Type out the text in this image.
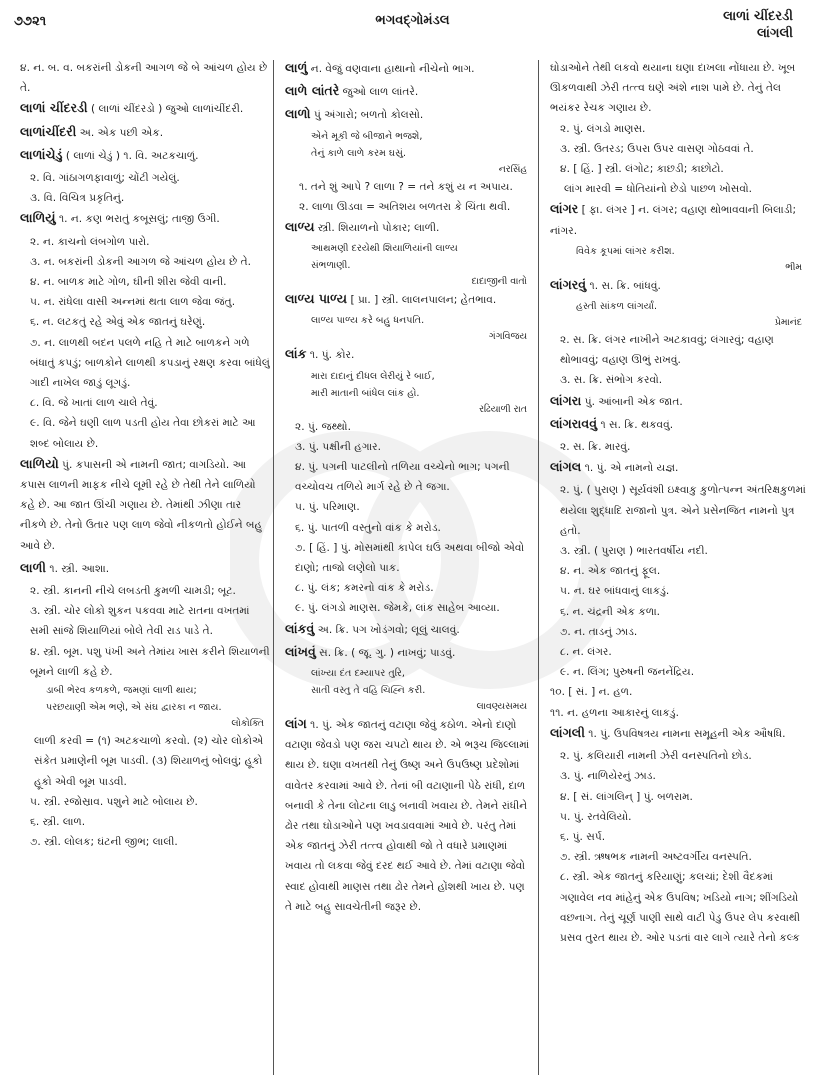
૭૭૨૧	ભગવદ્ગોમંડલ	લાળાં ચીંદરડી
લાંગલી
૪. ન. બ. વ. બકરાંની ડોકની આગળ જે બે આંચળ હોય છે તે.
લાળાં ચીંદરડી ( લાળાં ચીંદરડો ) જુઓ લાળાંચીંદરી.
લાળાંચીંદરી અ. એક પછી એક.
લાળાંચેડું ( લાળાં ચેડું ) ૧. વિ. અટકચાળું.
૨. વિ. ગાંઠાગળફાવાળું; ચોંટી ગયેલું.
૩. વિ. વિચિત્ર પ્રકૃતિનું.
લાળિયું ૧. ન. કણ ભરાતું કબૂસલું; તાજી ઉગી.
૨. ન. કાચનો લંબગોળ પારો.
૩. ન. બકરાંની ડોકની આગળ જે આંચળ હોય છે તે.
૪. ન. બાળક માટે ગોળ, ઘીની શીરા જેવી વાની.
૫. ન. રાંધેલા વાસી અન્નમાં થતા લાળ જેવા જંતુ.
૬. ન. લટકતું રહે એવું એક જાતનું ઘરેણું.
૭. ન. લાળથી બદન પલળે નહિ તે માટે બાળકને ગળે બંધાતું કપડું; બાળકોને લાળથી કપડાનું રક્ષણ કરવા બાંધેલું ગાદી નાખેલ જાડું લૂગડું.
૮. વિ. જે ખાતાં લાળ ચાલે તેવું.
૯. વિ. જેને ઘણી લાળ પડતી હોય તેવા છોકરાં માટે આ શબ્દ બોલાય છે.
લાળિયો પું. કપાસની એ નામની જાત; વાગડિયો. આ કપાસ લાળની માફક નીચે લૂમી રહે છે તેથી તેને લાળિયો કહે છે. આ જાત ઊંચી ગણાય છે. તેમાંથી ઝીણા તાર નીકળે છે. તેનો ઉતાર પણ લાળ જેવો નીકળતો હોઈને બહુ આવે છે.
લાળી ૧. સ્ત્રી. આશા.
૨. સ્ત્રી. કાનની નીચે લબડતી કુમળી ચામડી; બૂટ.
૩. સ્ત્રી. ચોર લોકો શુકન પકવવા માટે રાતના વખતમાં સમી સાંજે શિયાળિયાં બોલે તેવી રાડ પાડે તે.
૪. સ્ત્રી. બૂમ. પશુ પંખી અને તેમાંય ખાસ કરીને શિયાળની બૂમને લાળી કહે છે.
ડાબી ભેરવ કળકળે, જમણાં લાળી થાય;
પરછયાણી એમ ભણે, એ સંઘ દ્વારકા ન જાય.
લોકોક્તિ
લાળી કરવી = (૧) અટકચાળો કરવો. (૨) ચોર લોકોએ સંકેત પ્રમાણેની બૂમ પાડવી. (૩) શિયાળનું બોલવું; હૂકો હૂકો એવી બૂમ પાડવી.
૫. સ્ત્રી. રજોસ્રાવ. પશુને માટે બોલાય છે.
૬. સ્ત્રી. લાળ.
૭. સ્ત્રી. લોલક; ઘંટની જીભ; લાલી.
લાળું ન. વેજું વણવાના હાથાનો નીચેનો ભાગ.
લાળે લાંતરે જુઓ લાળ લાંતરે.
લાળો પું અંગારો; બળતો કોલસો.
એને મૂકી જે બીજાને ભજશે,
તેનું કાળે લાળે કરમ ઘસું.
નરસિંહ
૧. તને શું આપે ? લાળા ? = તને કશું ય ન અપાય.
૨. લાળા ઊડવા = અતિશય બળતરા કે ચિંતા થવી.
લાળ્ય સ્ત્રી. શિયાળનો પોકાર; લાળી.
આથમણી દરયેથી શિયાળિયાંની લાળ્ય
સંભળાણી.
દાદાજીની વાતો
લાળ્ય પાળ્ય [ પ્રા. ] સ્ત્રી. લાલનપાલન; હેતભાવ.
લાળ્ય પાળ્ય કરે બહુ ધનપતિ.
ગંગવિજય
લાંક ૧. પું. કોર.
મારા દાદાનું દીધલ લેરીયું રે બાઈ,
મારી માતાની બાંધેલ લાંક હો.
રઢિયાળી રાત
૨. પું. જથ્થો.
૩. પું. પક્ષીની હગાર.
૪. પું. પગની પાટલીનો તળિયા વચ્ચેનો ભાગ; પગની વચ્ચોવચ તળિયે માર્ગ રહે છે તે જગા.
૫. પું. પરિમાણ.
૬. પું. પાતળી વસ્તુનો વાંક કે મરોડ.
૭. [ હિં. ] પું. મોસમાંથી કાપેલ ઘઉં અથવા બીજો એવો દાણો; તાજો લણેલો પાક.
૮. પું. લંક; કમરનો વાંક કે મરોડ.
૯. પું. લંગડો માણસ. જેમકે, લાંક સાહેબ આવ્યા.
લાંકવું અ. ક્રિ. પગ ખોડંગવો; લૂલું ચાલવું.
લાંખવું સ. ક્રિ. ( જૂ. ગુ. ) નાખવું; પાડવું.
લાંખ્યા દંત દમ્યાપર તુરિ,
સાતી વસ્તુ તે વહિ ચિહ્નિ કરી.
લાવણ્યસમય
લાંગ ૧. પું. એક જાતનું વટાણા જેવું કઠોળ. એનો દાણો વટાણા જેવડો પણ જરા ચપટો થાય છે. એ ભરૂચ જિલ્લામાં થાય છે. ઘણા વખતથી તેનું ઉષ્ણ અને ઉપઉષ્ણ પ્રદેશોમાં વાવેતર કરવામાં આવે છે. તેનાં બી વટાણાની પેઠે રાંધી, દાળ બનાવી કે તેના લોટના લાડુ બનાવી ખવાય છે. તેમને રાંધીને ઢોર તથા ઘોડાઓને પણ ખવડાવવામાં આવે છે. પરંતુ તેમાં એક જાતનું ઝેરી તત્ત્વ હોવાથી જો તે વધારે પ્રમાણમાં ખવાય તો લકવા જેવું દરદ થઈ આવે છે. તેમાં વટાણા જેવો સ્વાદ હોવાથી માણસ તથા ઢોર તેમને હોંશથી ખાય છે. પણ તે માટે બહુ સાવચેતીની જરૂર છે.
ઘોડાઓને તેથી લકવો થયાના ઘણા દાખલા નોંધાયા છે. ખૂબ ઊકળવાથી ઝેરી તત્ત્વ ઘણે અંશે નાશ પામે છે. તેનું તેલ ભયંકર રેચક ગણાય છે.
૨. પું. લંગડો માણસ.
૩. સ્ત્રી. ઉતરડ; ઉપરા ઉપર વાસણ ગોઠવવાં તે.
૪. [ હિં. ] સ્ત્રી. લંગોટ; કાછડી; કાછોટો.
લાંગ મારવી = ધોતિયાંનો છેડો પાછળ ખોસવો.
લાંગર [ ફા. લંગર ] ન. લંગર; વહાણ થોભાવવાની બિલાડી; નાંગર.
વિવેક કૂપમાં લાંગર કરીશ.
ભીમ
લાંગરવું ૧. સ. ક્રિ. બાંધવું.
હસ્તી સાંકળ લાંગર્યાં.
પ્રેમાનંદ
૨. સ. ક્રિ. લંગર નાખીને અટકાવવું; લંગારવું; વહાણ થોભાવવું; વહાણ ઊભું રાખવું.
૩. સ. ક્રિ. સંભોગ કરવો.
લાંગરા પું. આંબાની એક જાત.
લાંગરાવવું ૧ સ. ક્રિ. થકવવું.
૨. સ. ક્રિ. મારવું.
લાંગલ ૧. પું. એ નામનો યજ્ઞ.
૨. પું. ( પુરાણ ) સૂર્યવંશી ઇક્ષ્વાકુ કુળોત્પન્ન અંતરિક્ષકુળમાં થયેલા શુદ્ધાદિ રાજાનો પુત્ર. એને પ્રસેનજિત નામનો પુત્ર હતો.
૩. સ્ત્રી. ( પુરાણ ) ભારતવર્ષીય નદી.
૪. ન. એક જાતનું ફૂલ.
૫. ન. ઘર બાંધવાનું લાકડું.
૬. ન. ચંદ્રની એક કળા.
૭. ન. તાડનું ઝાડ.
૮. ન. લંગર.
૯. ન. લિંગ; પુરુષની જનનેંદ્રિય.
૧૦. [ સં. ] ન. હળ.
૧૧. ન. હળના આકારનું લાકડું.
લાંગલી ૧. પું. ઉપવિષત્રય નામના સમૂહની એક ઔષધિ.
૨. પું. કલિયારી નામની ઝેરી વનસ્પતિનો છોડ.
૩. પું. નાળિયેરનું ઝાડ.
૪. [ સં. લાંગલિન્ ] પું. બળરામ.
૫. પું. રતવેલિયો.
૬. પું. સર્પ.
૭. સ્ત્રી. ઋષભક નામની અષ્ટવર્ગીય વનસ્પતિ.
૮. સ્ત્રી. એક જાતનું કરિયાણું; કલચાં; દેશી વૈદકમાં ગણાવેલ નવ માંહેનું એક ઉપવિષ; ખડિયો નાગ; શીંગડિયો વછનાગ. તેનું ચૂર્ણ પાણી સાથે વાટી પેડુ ઉપર લેપ કરવાથી પ્રસવ તુરત થાય છે. ઓર પડતાં વાર લાગે ત્યારે તેનો કલ્ક
